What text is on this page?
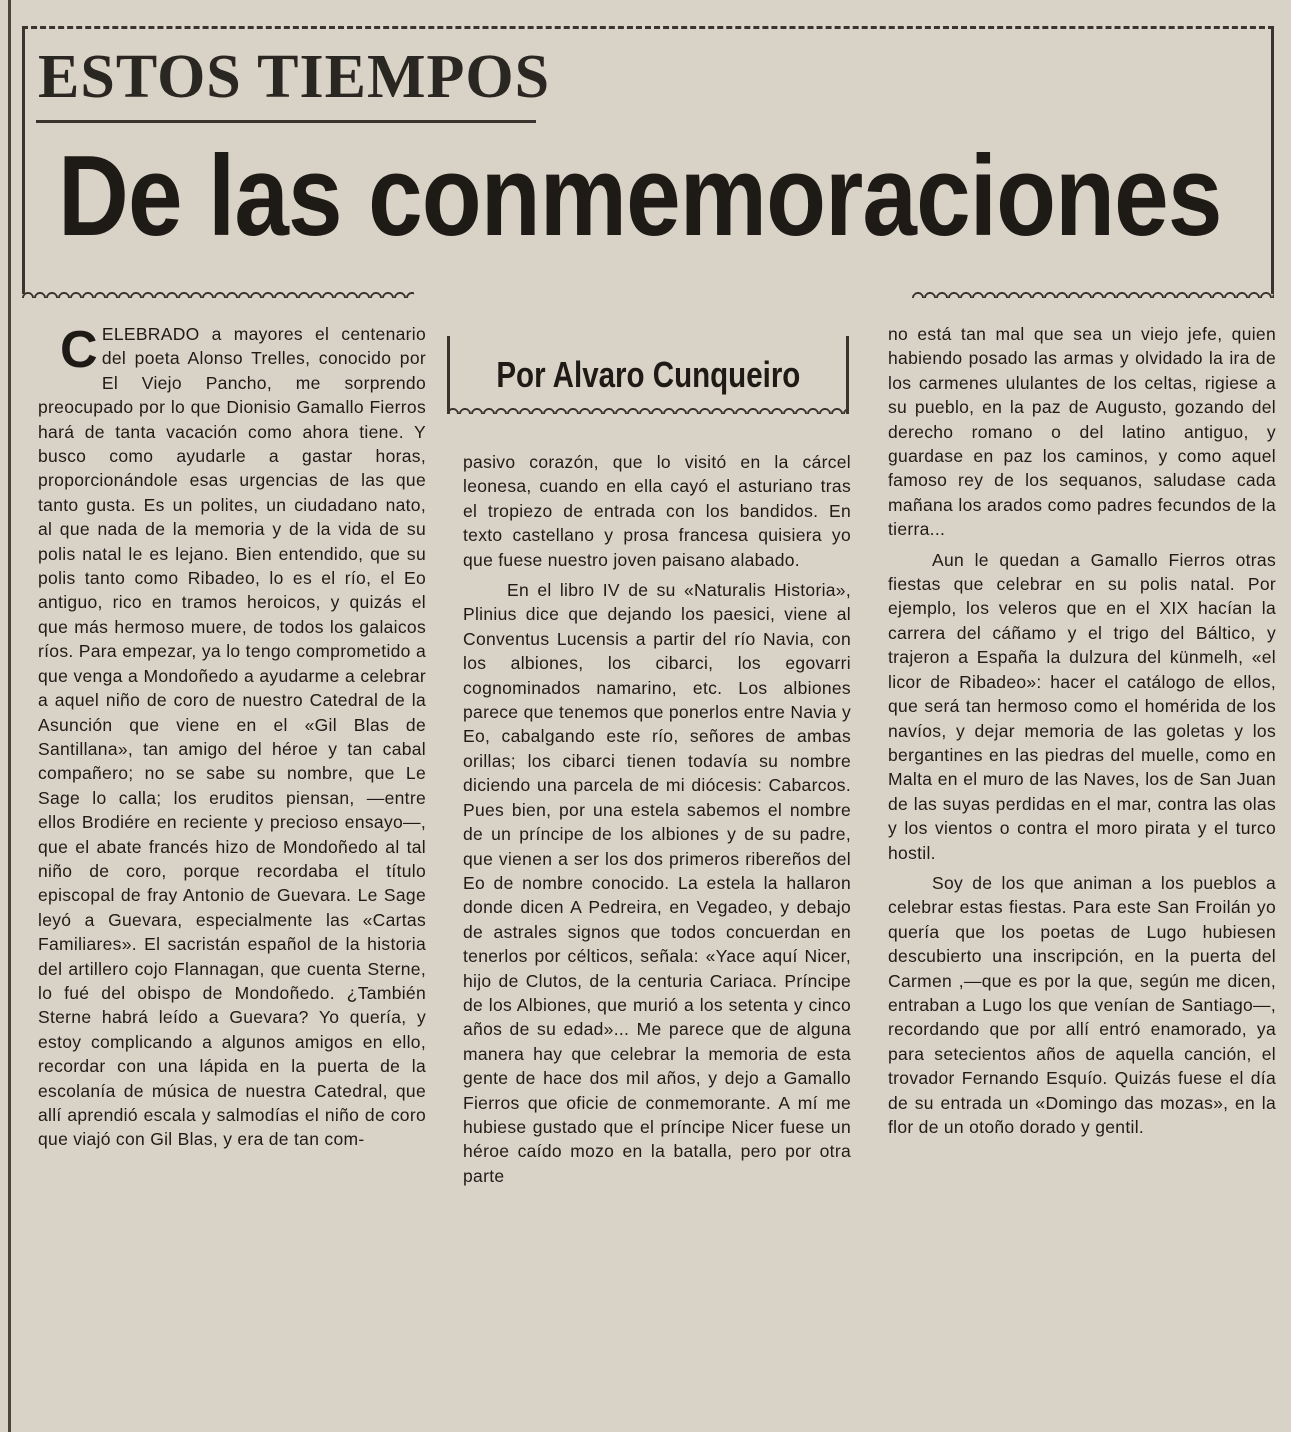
ESTOS TIEMPOS
De las conmemoraciones
Por Alvaro Cunqueiro

CELEBRADO a mayores el centenario del poeta Alonso Trelles, conocido por El Viejo Pancho, me sorprendo preocupado por lo que Dionisio Gamallo Fierros hará de tanta vacación como ahora tiene. Y busco como ayudarle a gastar horas, proporcionándole esas urgencias de las que tanto gusta. Es un polites, un ciudadano nato, al que nada de la memoria y de la vida de su polis natal le es lejano. Bien entendido, que su polis tanto como Ribadeo, lo es el río, el Eo antiguo, rico en tramos heroicos, y quizás el que más hermoso muere, de todos los galaicos ríos. Para empezar, ya lo tengo comprometido a que venga a Mondoñedo a ayudarme a celebrar a aquel niño de coro de nuestro Catedral de la Asunción que viene en el «Gil Blas de Santillana», tan amigo del héroe y tan cabal compañero; no se sabe su nombre, que Le Sage lo calla; los eruditos piensan, —entre ellos Brodiére en reciente y precioso ensayo—, que el abate francés hizo de Mondoñedo al tal niño de coro, porque recordaba el título episcopal de fray Antonio de Guevara. Le Sage leyó a Guevara, especialmente las «Cartas Familiares». El sacristán español de la historia del artillero cojo Flannagan, que cuenta Sterne, lo fué del obispo de Mondoñedo. ¿También Sterne habrá leído a Guevara? Yo quería, y estoy complicando a algunos amigos en ello, recordar con una lápida en la puerta de la escolanía de música de nuestra Catedral, que allí aprendió escala y salmodías el niño de coro que viajó con Gil Blas, y era de tan com-

pasivo corazón, que lo visitó en la cárcel leonesa, cuando en ella cayó el asturiano tras el tropiezo de entrada con los bandidos. En texto castellano y prosa francesa quisiera yo que fuese nuestro joven paisano alabado.

En el libro IV de su «Naturalis Historia», Plinius dice que dejando los paesici, viene al Conventus Lucensis a partir del río Navia, con los albiones, los cibarci, los egovarri cognominados namarino, etc. Los albiones parece que tenemos que ponerlos entre Navia y Eo, cabalgando este río, señores de ambas orillas; los cibarci tienen todavía su nombre diciendo una parcela de mi diócesis: Cabarcos. Pues bien, por una estela sabemos el nombre de un príncipe de los albiones y de su padre, que vienen a ser los dos primeros ribereños del Eo de nombre conocido. La estela la hallaron donde dicen A Pedreira, en Vegadeo, y debajo de astrales signos que todos concuerdan en tenerlos por célticos, señala: «Yace aquí Nicer, hijo de Clutos, de la centuria Cariaca. Príncipe de los Albiones, que murió a los setenta y cinco años de su edad»... Me parece que de alguna manera hay que celebrar la memoria de esta gente de hace dos mil años, y dejo a Gamallo Fierros que oficie de conmemorante. A mí me hubiese gustado que el príncipe Nicer fuese un héroe caído mozo en la batalla, pero por otra parte

no está tan mal que sea un viejo jefe, quien habiendo posado las armas y olvidado la ira de los carmenes ululantes de los celtas, rigiese a su pueblo, en la paz de Augusto, gozando del derecho romano o del latino antiguo, y guardase en paz los caminos, y como aquel famoso rey de los sequanos, saludase cada mañana los arados como padres fecundos de la tierra...

Aun le quedan a Gamallo Fierros otras fiestas que celebrar en su polis natal. Por ejemplo, los veleros que en el XIX hacían la carrera del cáñamo y el trigo del Báltico, y trajeron a España la dulzura del künmelh, «el licor de Ribadeo»: hacer el catálogo de ellos, que será tan hermoso como el homérida de los navíos, y dejar memoria de las goletas y los bergantines en las piedras del muelle, como en Malta en el muro de las Naves, los de San Juan de las suyas perdidas en el mar, contra las olas y los vientos o contra el moro pirata y el turco hostil.

Soy de los que animan a los pueblos a celebrar estas fiestas. Para este San Froilán yo quería que los poetas de Lugo hubiesen descubierto una inscripción, en la puerta del Carmen ,—que es por la que, según me dicen, entraban a Lugo los que venían de Santiago—, recordando que por allí entró enamorado, ya para setecientos años de aquella canción, el trovador Fernando Esquío. Quizás fuese el día de su entrada un «Domingo das mozas», en la flor de un otoño dorado y gentil.
